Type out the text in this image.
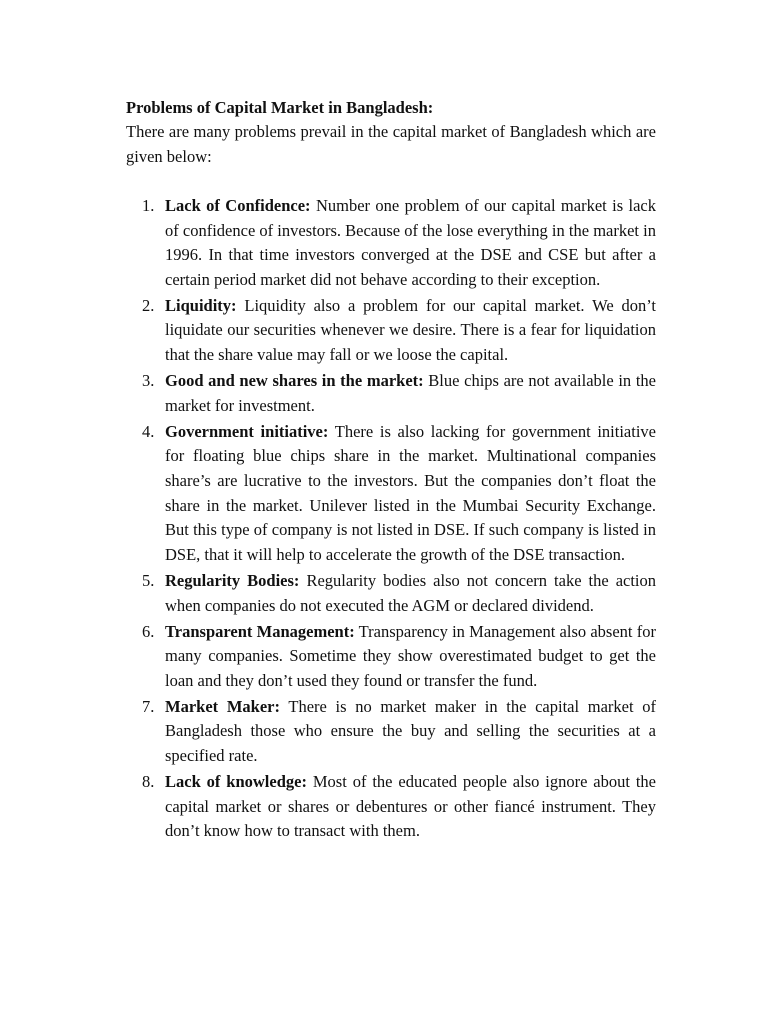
Problems of Capital Market in Bangladesh:

There are many problems prevail in the capital market of Bangladesh which are given below:

1. Lack of Confidence: Number one problem of our capital market is lack of confidence of investors. Because of the lose everything in the market in 1996. In that time investors converged at the DSE and CSE but after a certain period market did not behave according to their exception.
2. Liquidity: Liquidity also a problem for our capital market. We don’t liquidate our securities whenever we desire. There is a fear for liquidation that the share value may fall or we loose the capital.
3. Good and new shares in the market: Blue chips are not available in the market for investment.
4. Government initiative: There is also lacking for government initiative for floating blue chips share in the market. Multinational companies share’s are lucrative to the investors. But the companies don’t float the share in the market. Unilever listed in the Mumbai Security Exchange. But this type of company is not listed in DSE. If such company is listed in DSE, that it will help to accelerate the growth of the DSE transaction.
5. Regularity Bodies: Regularity bodies also not concern take the action when companies do not executed the AGM or declared dividend.
6. Transparent Management: Transparency in Management also absent for many companies. Sometime they show overestimated budget to get the loan and they don’t used they found or transfer the fund.
7. Market Maker: There is no market maker in the capital market of Bangladesh those who ensure the buy and selling the securities at a specified rate.
8. Lack of knowledge: Most of the educated people also ignore about the capital market or shares or debentures or other fiancé instrument. They don’t know how to transact with them.
